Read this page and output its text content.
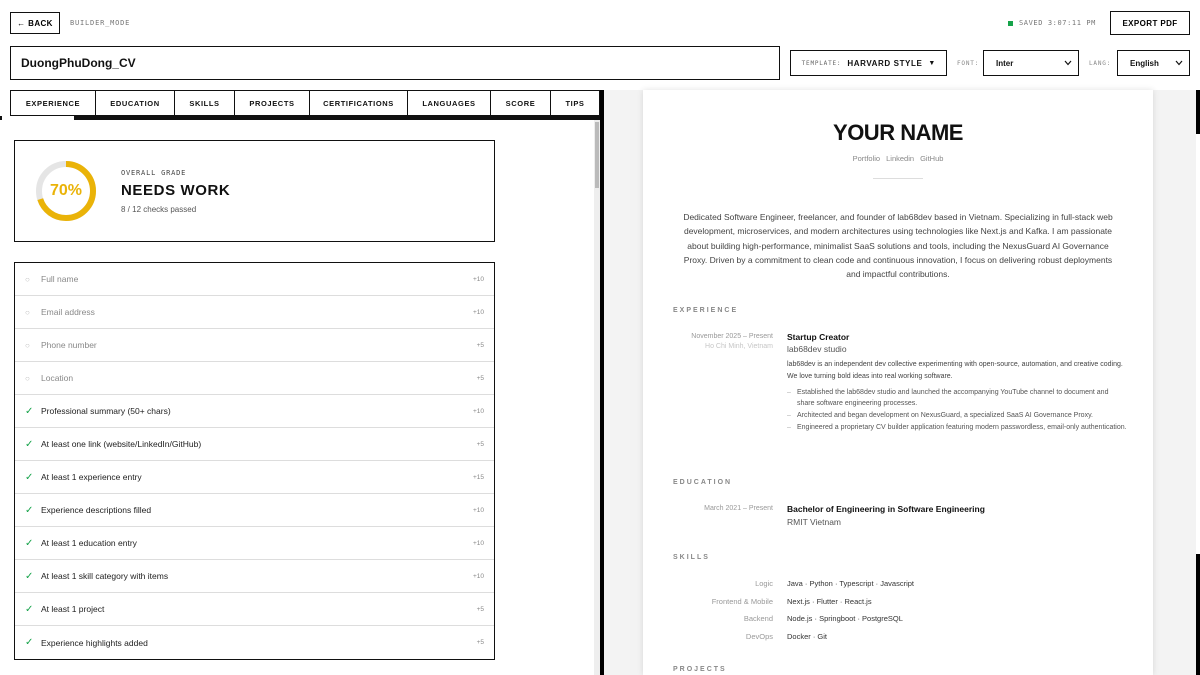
← BACK	BUILDER_MODE	SAVED 3:07:11 PM	EXPORT PDF
DuongPhuDong_CV
TEMPLATE: HARVARD STYLE ▼	FONT: Inter	LANG: English
EXPERIENCE	EDUCATION	SKILLS	PROJECTS	CERTIFICATIONS	LANGUAGES	SCORE	TIPS
70%
OVERALL GRADE
NEEDS WORK
8 / 12 checks passed
○	Full name	+10
○	Email address	+10
○	Phone number	+5
○	Location	+5
✓ Professional summary (50+ chars)	+10
✓ At least one link (website/LinkedIn/GitHub)	+5
✓ At least 1 experience entry	+15
✓ Experience descriptions filled	+10
✓ At least 1 education entry	+10
✓ At least 1 skill category with items	+10
✓ At least 1 project	+5
✓ Experience highlights added	+5
YOUR NAME
Portfolio Linkedin GitHub
Dedicated Software Engineer, freelancer, and founder of lab68dev based in Vietnam. Specializing in full-stack web development, microservices, and modern architectures using technologies like Next.js and Kafka. I am passionate about building high-performance, minimalist SaaS solutions and tools, including the NexusGuard AI Governance Proxy. Driven by a commitment to clean code and continuous innovation, I focus on delivering robust deployments and impactful contributions.
EXPERIENCE
November 2025 – Present
Ho Chi Minh, Vietnam
Startup Creator
lab68dev studio
lab68dev is an independent dev collective experimenting with open-source, automation, and creative coding. We love turning bold ideas into real working software.
– Established the lab68dev studio and launched the accompanying YouTube channel to document and share software engineering processes.
– Architected and began development on NexusGuard, a specialized SaaS AI Governance Proxy.
– Engineered a proprietary CV builder application featuring modern passwordless, email-only authentication.
EDUCATION
March 2021 – Present Bachelor of Engineering in Software Engineering
RMIT Vietnam
SKILLS
Logic Java · Python · Typescript · Javascript
Frontend & Mobile Next.js · Flutter · React.js
Backend Node.js · Springboot · PostgreSQL
DevOps Docker · Git
PROJECTS
